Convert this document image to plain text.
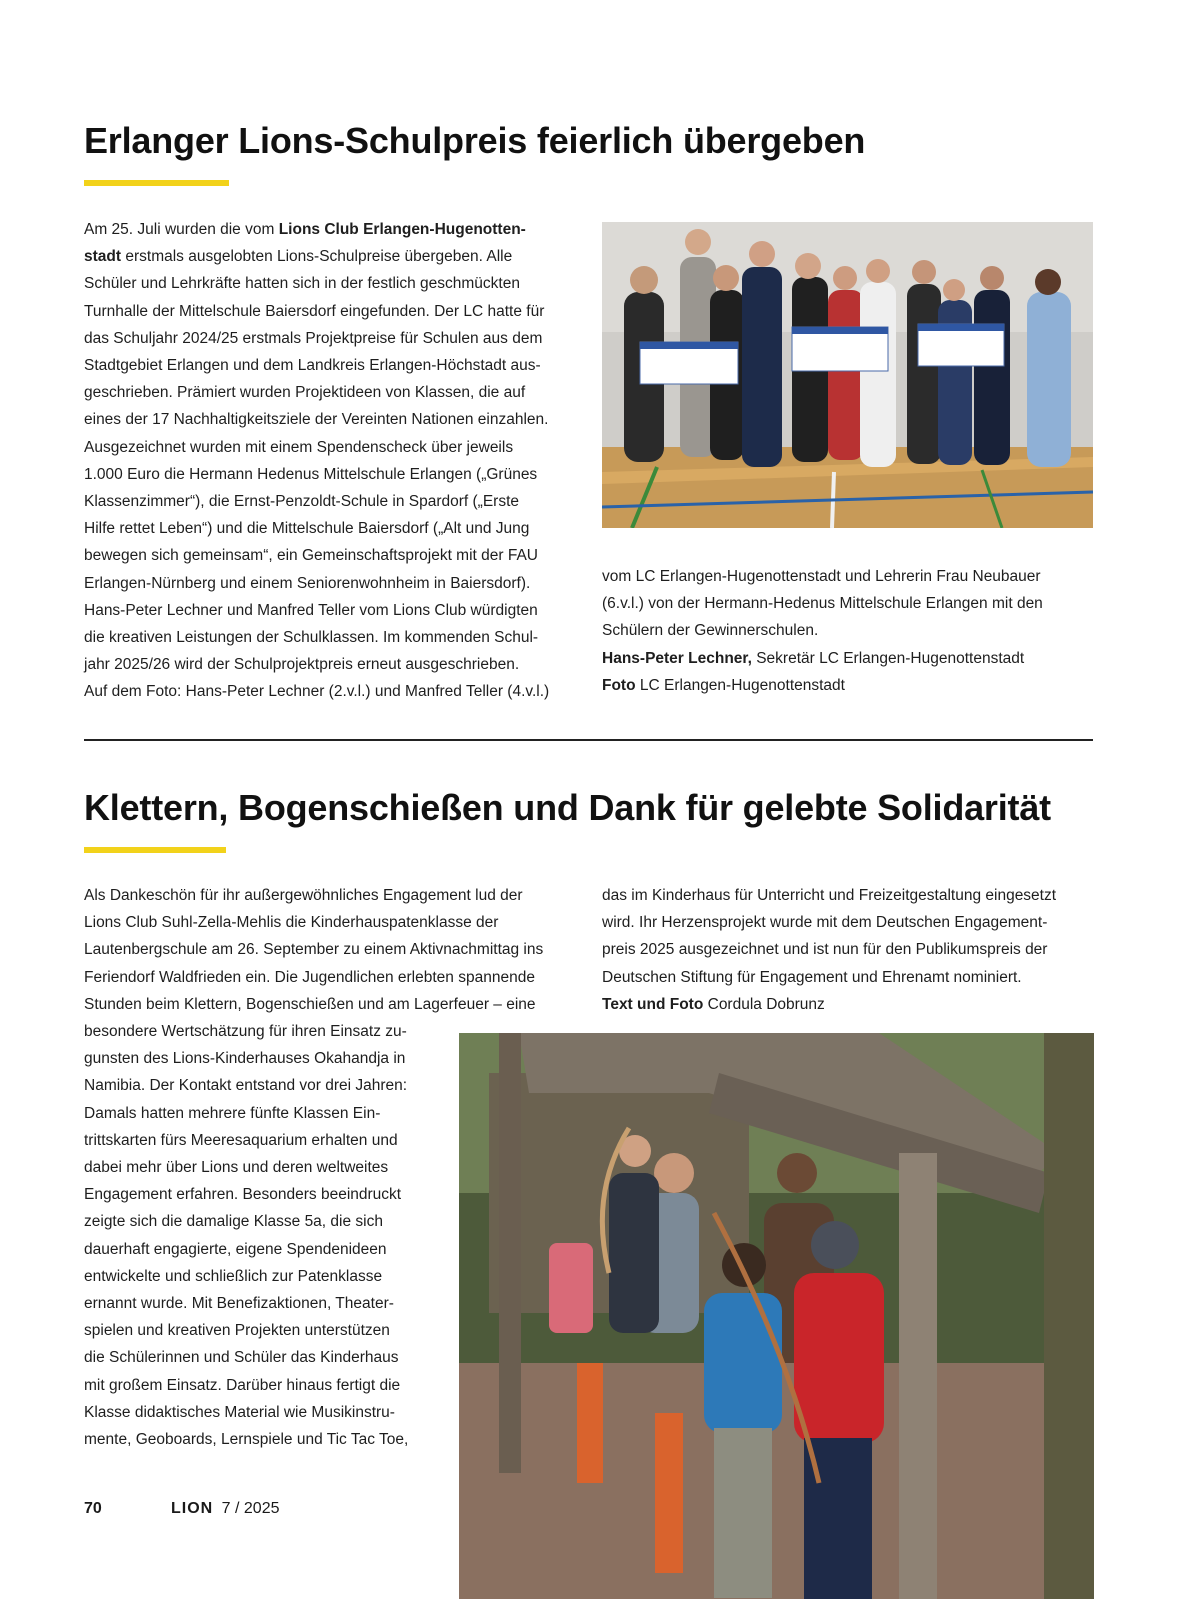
Erlanger Lions-Schulpreis feierlich übergeben

Am 25. Juli wurden die vom Lions Club Erlangen-Hugenotten-

stadt erstmals ausgelobten Lions-Schulpreise übergeben. Alle

Schüler und Lehrkräfte hatten sich in der festlich geschmückten

Turnhalle der Mittelschule Baiersdorf eingefunden. Der LC hatte für

das Schuljahr 2024/25 erstmals Projektpreise für Schulen aus dem

Stadtgebiet Erlangen und dem Landkreis Erlangen-Höchstadt aus-

geschrieben. Prämiert wurden Projektideen von Klassen, die auf

eines der 17 Nachhaltigkeitsziele der Vereinten Nationen einzahlen.

Ausgezeichnet wurden mit einem Spendenscheck über jeweils

1.000 Euro die Hermann Hedenus Mittelschule Erlangen („Grünes

Klassenzimmer“), die Ernst-Penzoldt-Schule in Spardorf („Erste

Hilfe rettet Leben“) und die Mittelschule Baiersdorf („Alt und Jung

bewegen sich gemeinsam“, ein Gemeinschaftsprojekt mit der FAU

Erlangen-Nürnberg und einem Seniorenwohnheim in Baiersdorf).

Hans-Peter Lechner und Manfred Teller vom Lions Club würdigten

die kreativen Leistungen der Schulklassen. Im kommenden Schul-

jahr 2025/26 wird der Schulprojektpreis erneut ausgeschrieben.

Auf dem Foto: Hans-Peter Lechner (2.v.l.) und Manfred Teller (4.v.l.)

vom LC Erlangen-Hugenottenstadt und Lehrerin Frau Neubauer

(6.v.l.) von der Hermann-Hedenus Mittelschule Erlangen mit den

Schülern der Gewinnerschulen.

Hans-Peter Lechner, Sekretär LC Erlangen-Hugenottenstadt

Foto LC Erlangen-Hugenottenstadt

Klettern, Bogenschießen und Dank für gelebte Solidarität

Als Dankeschön für ihr außergewöhnliches Engagement lud der

Lions Club Suhl-Zella-Mehlis die Kinderhauspatenklasse der

Lautenbergschule am 26. September zu einem Aktivnachmittag ins

Feriendorf Waldfrieden ein. Die Jugendlichen erlebten spannende

Stunden beim Klettern, Bogenschießen und am Lagerfeuer – eine

besondere Wertschätzung für ihren Einsatz zu-

gunsten des Lions-Kinderhauses Okahandja in

Namibia. Der Kontakt entstand vor drei Jahren:

Damals hatten mehrere fünfte Klassen Ein-

trittskarten fürs Meeresaquarium erhalten und

dabei mehr über Lions und deren weltweites

Engagement erfahren. Besonders beeindruckt

zeigte sich die damalige Klasse 5a, die sich

dauerhaft engagierte, eigene Spendenideen

entwickelte und schließlich zur Patenklasse

ernannt wurde. Mit Benefizaktionen, Theater-

spielen und kreativen Projekten unterstützen

die Schülerinnen und Schüler das Kinderhaus

mit großem Einsatz. Darüber hinaus fertigt die

Klasse didaktisches Material wie Musikinstru-

mente, Geoboards, Lernspiele und Tic Tac Toe,

das im Kinderhaus für Unterricht und Freizeitgestaltung eingesetzt

wird. Ihr Herzensprojekt wurde mit dem Deutschen Engagement-

preis 2025 ausgezeichnet und ist nun für den Publikumspreis der

Deutschen Stiftung für Engagement und Ehrenamt nominiert.

Text und Foto Cordula Dobrunz

70	LION 7 / 2025
